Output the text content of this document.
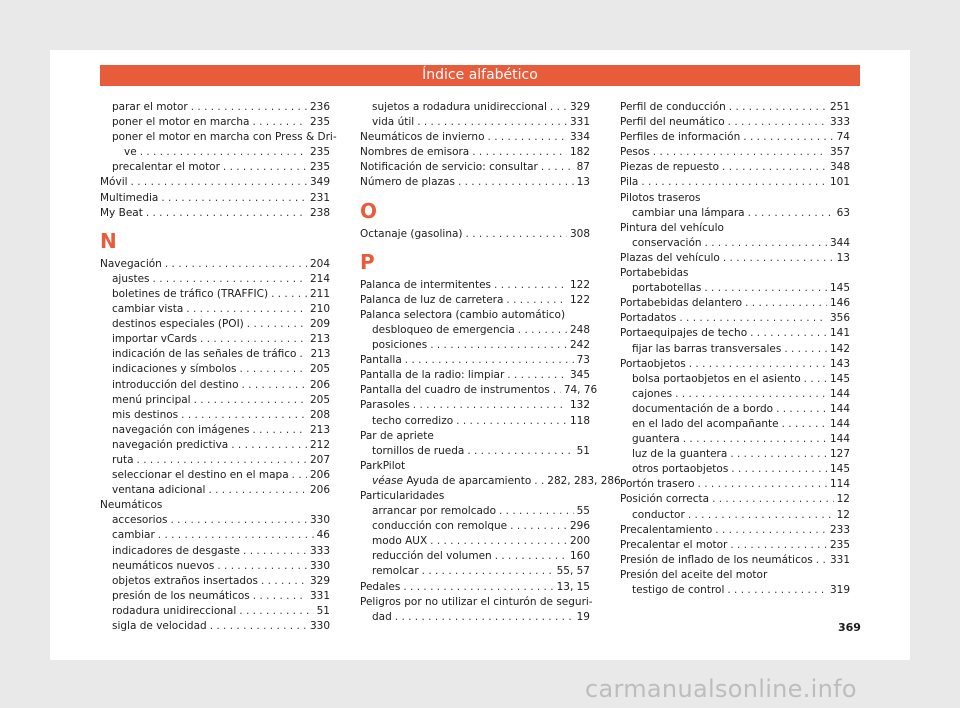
Índice alfabético
parar el motor . . .	236
poner el motor en marcha . . .	235
poner el motor en marcha con Press & Dri-
ve . . .	235
precalentar el motor . . .	235
Móvil . . .	349
Multimedia . . .	231
My Beat . . .	238
N
Navegación . . .	204
ajustes . . .	214
boletines de tráfico (TRAFFIC) . . .	211
cambiar vista . . .	210
destinos especiales (POI) . . .	209
importar vCards . . .	213
indicación de las señales de tráfico . . . 213
indicaciones y símbolos . . .	205
introducción del destino . . .	206
menú principal . . .	205
mis destinos . . .	208
navegación con imágenes . . .	213
navegación predictiva . . .	212
ruta . . .	207
seleccionar el destino en el mapa . . . 206
ventana adicional . . .	206
Neumáticos
accesorios . . .	330
cambiar . . .	46
indicadores de desgaste . . .	333
neumáticos nuevos . . .	330
objetos extraños insertados . . .	329
presión de los neumáticos . . .	331
rodadura unidireccional . . .	51
sigla de velocidad . . .	330
sujetos a rodadura unidireccional . . . 329
vida útil . . .	331
Neumáticos de invierno . . .	334
Nombres de emisora . . .	182
Notificación de servicio: consultar . . .	87
Número de plazas . . .	13
O
Octanaje (gasolina) . . .	308
P
Palanca de intermitentes . . .	122
Palanca de luz de carretera . . .	122
Palanca selectora (cambio automático)
desbloqueo de emergencia . . .	248
posiciones . . .	242
Pantalla . . .	73
Pantalla de la radio: limpiar . . .	345
Pantalla del cuadro de instrumentos . . . 74, 76
Parasoles . . .	132
techo corredizo . . .	118
Par de apriete
tornillos de rueda . . .	51
ParkPilot
véase Ayuda de aparcamiento . . . 282, 283, 286
Particularidades
arrancar por remolcado . . .	55
conducción con remolque . . .	296
modo AUX . . .	200
reducción del volumen . . .	160
remolcar . . .	55, 57
Pedales . . .	13, 15
Peligros por no utilizar el cinturón de seguri-
dad . . .	19
Perfil de conducción . . .	251
Perfil del neumático . . .	333
Perfiles de información . . .	74
Pesos . . .	357
Piezas de repuesto . . .	348
Pila . . .	101
Pilotos traseros
cambiar una lámpara . . .	63
Pintura del vehículo
conservación . . .	344
Plazas del vehículo . . .	13
Portabebidas
portabotellas . . .	145
Portabebidas delantero . . .	146
Portadatos . . .	356
Portaequipajes de techo . . .	141
fijar las barras transversales . . .	142
Portaobjetos . . .	143
bolsa portaobjetos en el asiento . . .	145
cajones . . .	144
documentación de a bordo . . .	144
en el lado del acompañante . . .	144
guantera . . .	144
luz de la guantera . . .	127
otros portaobjetos . . .	145
Portón trasero . . .	114
Posición correcta . . .	12
conductor . . .	12
Precalentamiento . . .	233
Precalentar el motor . . .	235
Presión de inflado de los neumáticos . . . 331
Presión del aceite del motor
testigo de control . . .	319
369
carmanualsonline.info
